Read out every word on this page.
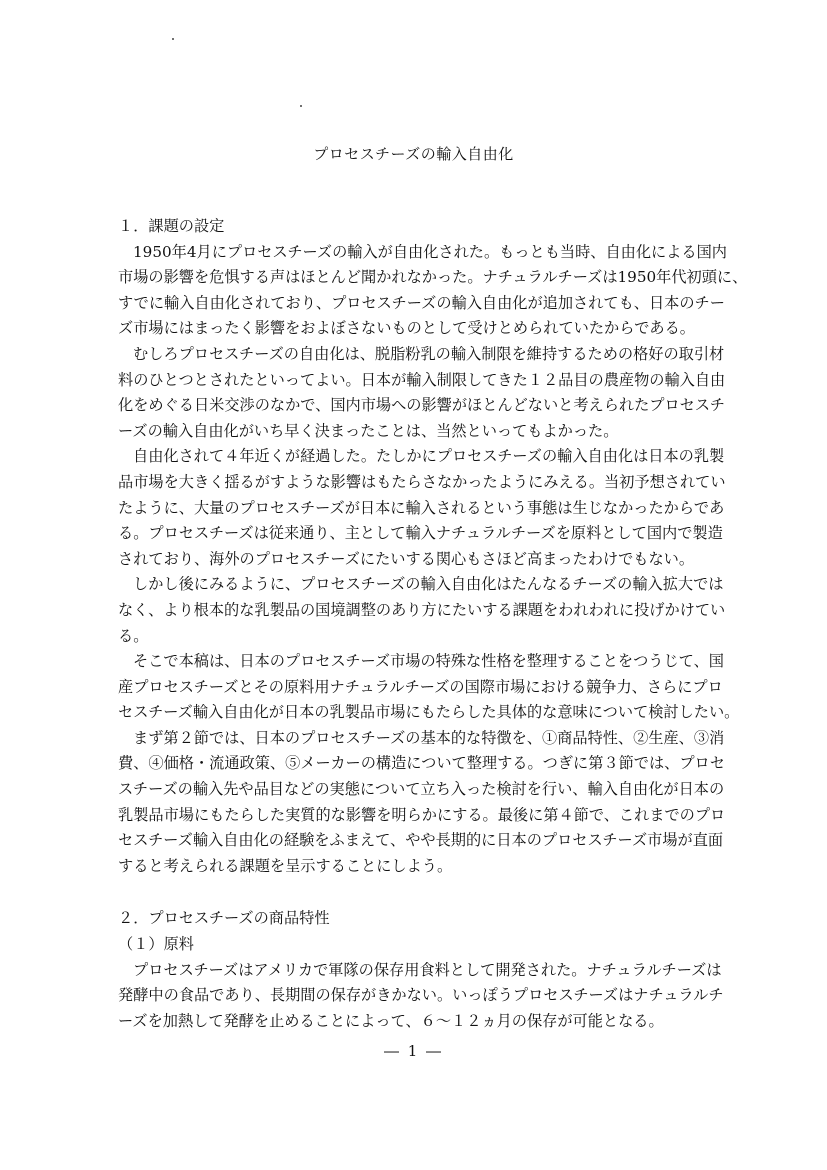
プロセスチーズの輸入自由化
１．課題の設定
1950年4月にプロセスチーズの輸入が自由化された。もっとも当時、自由化による国内
市場の影響を危惧する声はほとんど聞かれなかった。ナチュラルチーズは1950年代初頭に、
すでに輸入自由化されており、プロセスチーズの輸入自由化が追加されても、日本のチー
ズ市場にはまったく影響をおよぼさないものとして受けとめられていたからである。
むしろプロセスチーズの自由化は、脱脂粉乳の輸入制限を維持するための格好の取引材
料のひとつとされたといってよい。日本が輸入制限してきた１２品目の農産物の輸入自由
化をめぐる日米交渉のなかで、国内市場への影響がほとんどないと考えられたプロセスチ
ーズの輸入自由化がいち早く決まったことは、当然といってもよかった。
自由化されて４年近くが経過した。たしかにプロセスチーズの輸入自由化は日本の乳製
品市場を大きく揺るがすような影響はもたらさなかったようにみえる。当初予想されてい
たように、大量のプロセスチーズが日本に輸入されるという事態は生じなかったからであ
る。プロセスチーズは従来通り、主として輸入ナチュラルチーズを原料として国内で製造
されており、海外のプロセスチーズにたいする関心もさほど高まったわけでもない。
しかし後にみるように、プロセスチーズの輸入自由化はたんなるチーズの輸入拡大では
なく、より根本的な乳製品の国境調整のあり方にたいする課題をわれわれに投げかけてい
る。
そこで本稿は、日本のプロセスチーズ市場の特殊な性格を整理することをつうじて、国
産プロセスチーズとその原料用ナチュラルチーズの国際市場における競争力、さらにプロ
セスチーズ輸入自由化が日本の乳製品市場にもたらした具体的な意味について検討したい。
まず第２節では、日本のプロセスチーズの基本的な特徴を、①商品特性、②生産、③消
費、④価格・流通政策、⑤メーカーの構造について整理する。つぎに第３節では、プロセ
スチーズの輸入先や品目などの実態について立ち入った検討を行い、輸入自由化が日本の
乳製品市場にもたらした実質的な影響を明らかにする。最後に第４節で、これまでのプロ
セスチーズ輸入自由化の経験をふまえて、やや長期的に日本のプロセスチーズ市場が直面
すると考えられる課題を呈示することにしよう。
２．プロセスチーズの商品特性
（１）原料
プロセスチーズはアメリカで軍隊の保存用食料として開発された。ナチュラルチーズは
発酵中の食品であり、長期間の保存がきかない。いっぽうプロセスチーズはナチュラルチ
ーズを加熱して発酵を止めることによって、６～１２ヵ月の保存が可能となる。
― 1 ―
